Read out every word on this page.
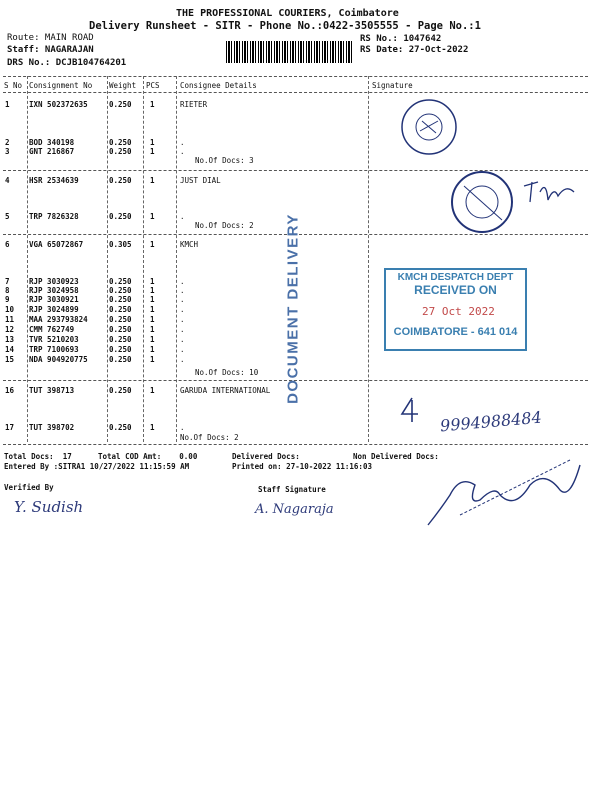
THE PROFESSIONAL COURIERS, Coimbatore
Delivery Runsheet - SITR - Phone No.:0422-3505555 - Page No.:1
Route: MAIN ROAD
Staff: NAGARAJAN
DRS No.: DCJB104764201
RS No.: 1047642
RS Date: 27-Oct-2022
S No Consignment No Weight PCS	Consignee Details	Signature
1	IXN 502372635	0.250 1	RIETER
2	BOD 340198	0.250 1	.
3	GNT 216867	0.250 1	.
No.Of Docs: 3
4	HSR 2534639	0.250 1	JUST DIAL
5	TRP 7826328	0.250 1	.
No.Of Docs: 2
6	VGA 65072867	0.305 1	KMCH
7	RJP 3030923	0.250 1	.
8	RJP 3024958	0.250 1	.
9	RJP 3030921	0.250 1	.
10 RJP 3024899	0.250 1	.
11 MAA 293793824	0.250 1	.
12 CMM 762749	0.250 1	.
13 TVR 5210203	0.250 1	.
14 TRP 7100693	0.250 1	.
15 NDA 904920775	0.250 1	.
No.Of Docs: 10
16 TUT 398713	0.250 1	GARUDA INTERNATIONAL
17 TUT 398702	0.250 1	.
No.Of Docs: 2
Total Docs:  17	Total COD Amt:    0.00	Delivered Docs:	Non Delivered Docs:
Entered By :SITRA1 10/27/2022 11:15:59 AM	Printed on: 27-10-2022 11:16:03
Verified By	Staff Signature
Y. Sudish	A. Nagaraja
KMCH DESPATCH DEPT
RECEIVED ON
27 Oct 2022
COIMBATORE - 641 014
DOCUMENT DELIVERY
9994988484
